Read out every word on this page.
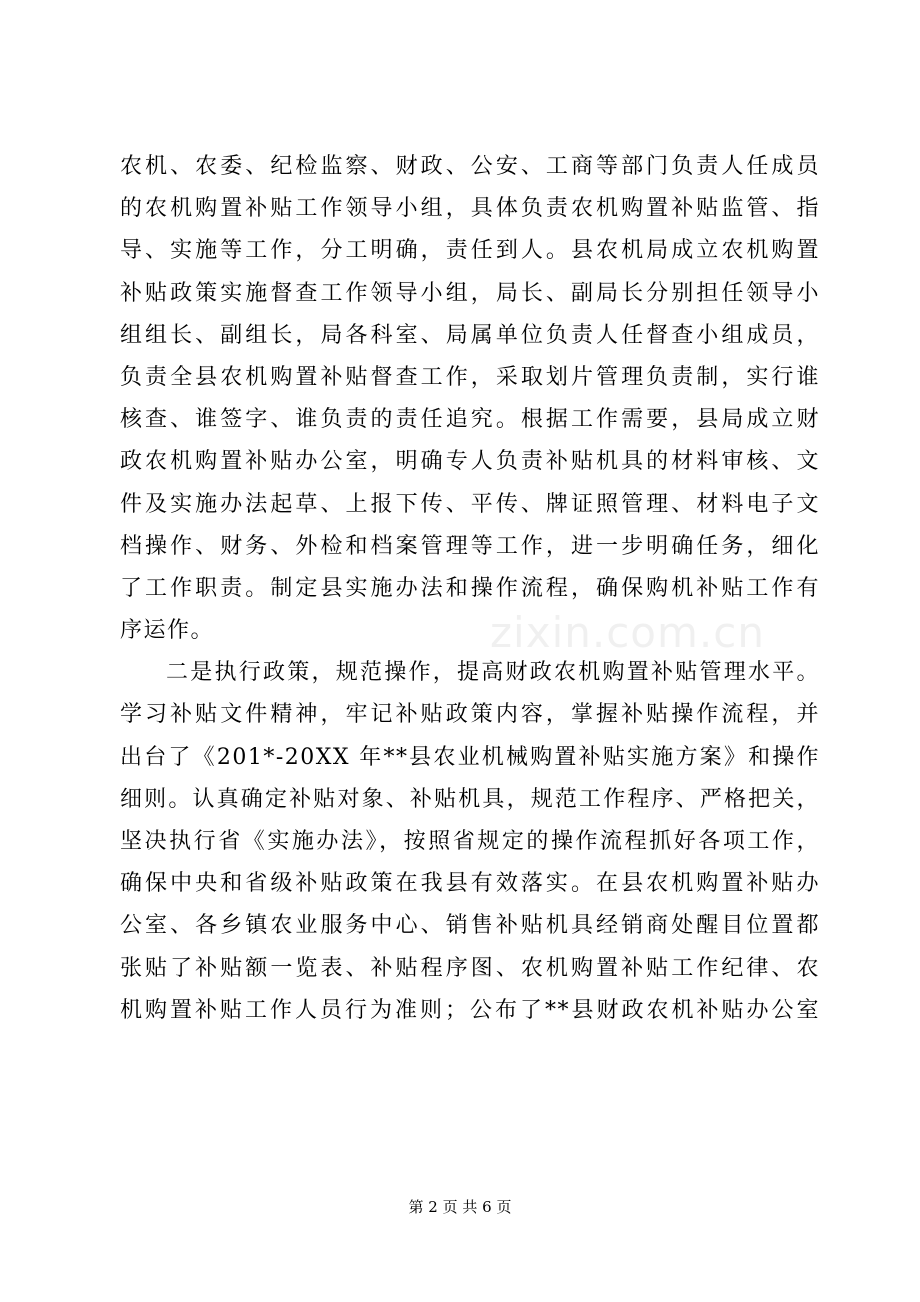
农机、农委、纪检监察、财政、公安、工商等部门负责人任成员
的农机购置补贴工作领导小组，具体负责农机购置补贴监管、指
导、实施等工作，分工明确，责任到人。县农机局成立农机购置
补贴政策实施督查工作领导小组，局长、副局长分别担任领导小
组组长、副组长，局各科室、局属单位负责人任督查小组成员，
负责全县农机购置补贴督查工作，采取划片管理负责制，实行谁
核查、谁签字、谁负责的责任追究。根据工作需要，县局成立财
政农机购置补贴办公室，明确专人负责补贴机具的材料审核、文
件及实施办法起草、上报下传、平传、牌证照管理、材料电子文
档操作、财务、外检和档案管理等工作，进一步明确任务，细化
了工作职责。制定县实施办法和操作流程，确保购机补贴工作有
序运作。
二是执行政策，规范操作，提高财政农机购置补贴管理水平。
学习补贴文件精神，牢记补贴政策内容，掌握补贴操作流程，并
出台了《201*-20XX 年**县农业机械购置补贴实施方案》和操作
细则。认真确定补贴对象、补贴机具，规范工作程序、严格把关，
坚决执行省《实施办法》，按照省规定的操作流程抓好各项工作，
确保中央和省级补贴政策在我县有效落实。在县农机购置补贴办
公室、各乡镇农业服务中心、销售补贴机具经销商处醒目位置都
张贴了补贴额一览表、补贴程序图、农机购置补贴工作纪律、农
机购置补贴工作人员行为准则；公布了**县财政农机补贴办公室
zixin.com.cn
第 2 页 共 6 页
